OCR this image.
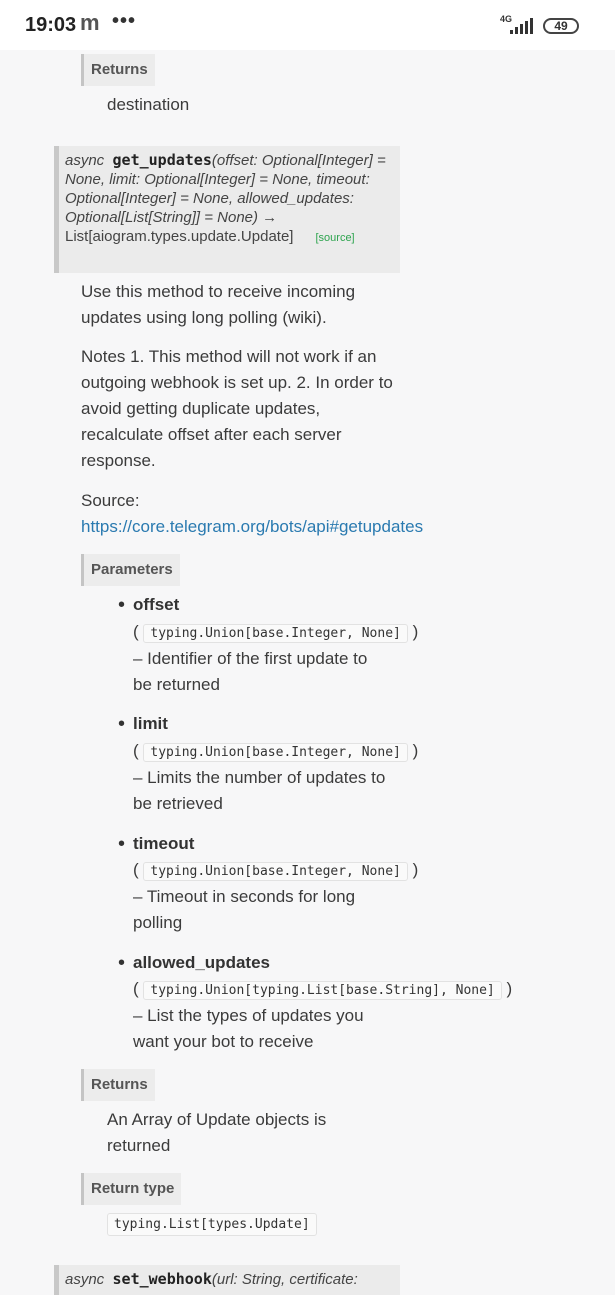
19:03 m •••	4G	49
Returns

destination

async get_updates(offset: Optional[Integer] =
None, limit: Optional[Integer] = None, timeout:
Optional[Integer] = None, allowed_updates:
Optional[List[String]] = None) →
List[aiogram.types.update.Update] [source]

Use this method to receive incoming

updates using long polling (wiki).

Notes 1. This method will not work if an

outgoing webhook is set up. 2. In order to

avoid getting duplicate updates,

recalculate offset after each server

response.

Source:

https://core.telegram.org/bots/api#getupdates

Parameters
• offset
( typing.Union[base.Integer, None] )
– Identifier of the first update to
be returned
• limit
( typing.Union[base.Integer, None] )
– Limits the number of updates to
be retrieved
• timeout
( typing.Union[base.Integer, None] )
– Timeout in seconds for long
polling
• allowed_updates
( typing.Union[typing.List[base.String], None] )
– List the types of updates you
want your bot to receive
Returns

An Array of Update objects is

returned

Return type
typing.List[types.Update]
async set_webhook(url: String, certificate:
